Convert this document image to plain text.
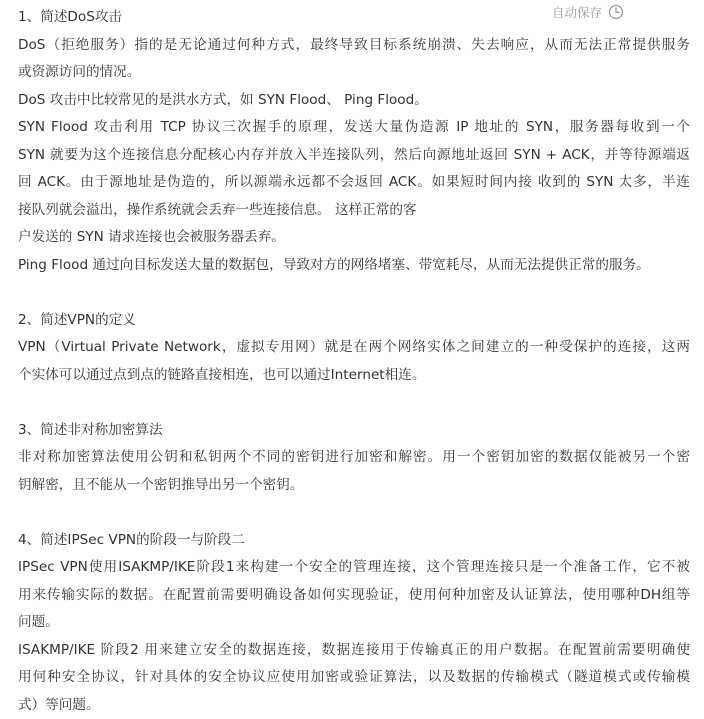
自动保存
1、简述DoS攻击
DoS（拒绝服务）指的是无论通过何种方式，最终导致目标系统崩溃、失去响应，从而无法正常提供服务
或资源访问的情况。
DoS 攻击中比较常见的是洪水方式，如 SYN Flood、 Ping Flood。
SYN Flood 攻击利用 TCP 协议三次握手的原理，发送大量伪造源 IP 地址的 SYN，服务器每收到一个
SYN 就要为这个连接信息分配核心内存并放入半连接队列，然后向源地址返回 SYN + ACK，并等待源端返
回 ACK。由于源地址是伪造的，所以源端永远都不会返回 ACK。如果短时间内接 收到的 SYN 太多，半连
接队列就会溢出，操作系统就会丢弃一些连接信息。 这样正常的客
户发送的 SYN 请求连接也会被服务器丢弃。
Ping Flood 通过向目标发送大量的数据包，导致对方的网络堵塞、带宽耗尽，从而无法提供正常的服务。
2、简述VPN的定义
VPN（Virtual Private Network，虚拟专用网）就是在两个网络实体之间建立的一种受保护的连接，这两
个实体可以通过点到点的链路直接相连，也可以通过Internet相连。
3、简述非对称加密算法
非对称加密算法使用公钥和私钥两个不同的密钥进行加密和解密。用一个密钥加密的数据仅能被另一个密
钥解密，且不能从一个密钥推导出另一个密钥。
4、简述IPSec VPN的阶段一与阶段二
IPSec VPN使用ISAKMP/IKE阶段1来构建一个安全的管理连接，这个管理连接只是一个准备工作，它不被
用来传输实际的数据。在配置前需要明确设备如何实现验证，使用何种加密及认证算法，使用哪种DH组等
问题。
ISAKMP/IKE 阶段2 用来建立安全的数据连接，数据连接用于传输真正的用户数据。在配置前需要明确使
用何种安全协议，针对具体的安全协议应使用加密或验证算法，以及数据的传输模式（隧道模式或传输模
式）等问题。
